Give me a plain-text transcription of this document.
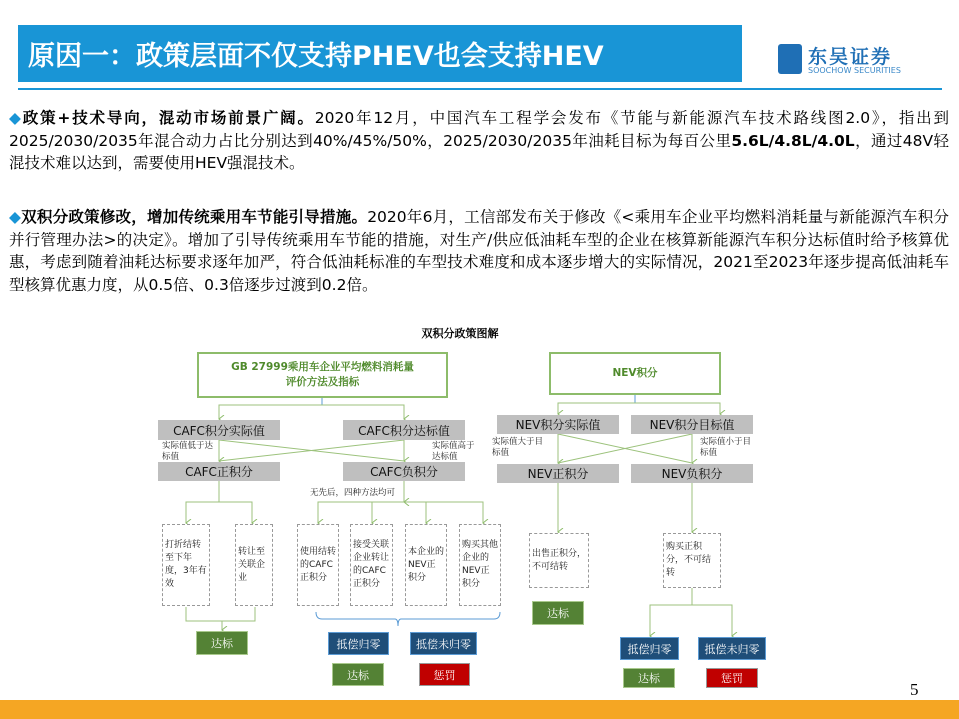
原因一：政策层面不仅支持PHEV也会支持HEV	东吴证券
SOOCHOW SECURITIES
◆政策+技术导向，混动市场前景广阔。2020年12月，中国汽车工程学会发布《节能与新能源汽车技术路线图2.0》，指出到2025/2030/2035年混合动力占比分别达到40%/45%/50%，2025/2030/2035年油耗目标为每百公里5.6L/4.8L/4.0L，通过48V轻混技术难以达到，需要使用HEV强混技术。
◆双积分政策修改，增加传统乘用车节能引导措施。2020年6月，工信部发布关于修改《<乘用车企业平均燃料消耗量与新能源汽车积分并行管理办法>的决定》。增加了引导传统乘用车节能的措施，对生产/供应低油耗车型的企业在核算新能源汽车积分达标值时给予核算优惠，考虑到随着油耗达标要求逐年加严，符合低油耗标准的车型技术难度和成本逐步增大的实际情况，2021至2023年逐步提高低油耗车型核算优惠力度，从0.5倍、0.3倍逐步过渡到0.2倍。
双积分政策图解
GB 27999乘用车企业平均燃料消耗量
评价方法及指标
CAFC积分实际值	CAFC积分达标值
实际值低于达标值
实际值高于达标值
CAFC正积分	CAFC负积分
无先后，四种方法均可
打折结转至下年度，3年有效
转让至关联企业
使用结转的CAFC正积分
接受关联企业转让的CAFC正积分
本企业的NEV正积分
购买其他企业的NEV正积分
达标	抵偿归零	抵偿未归零
达标	惩罚
NEV积分
NEV积分实际值	NEV积分目标值
实际值大于目标值
实际值小于目标值
NEV正积分	NEV负积分
出售正积分，不可结转
购买正积分，不可结转
达标
抵偿归零	抵偿未归零
达标	惩罚
5
